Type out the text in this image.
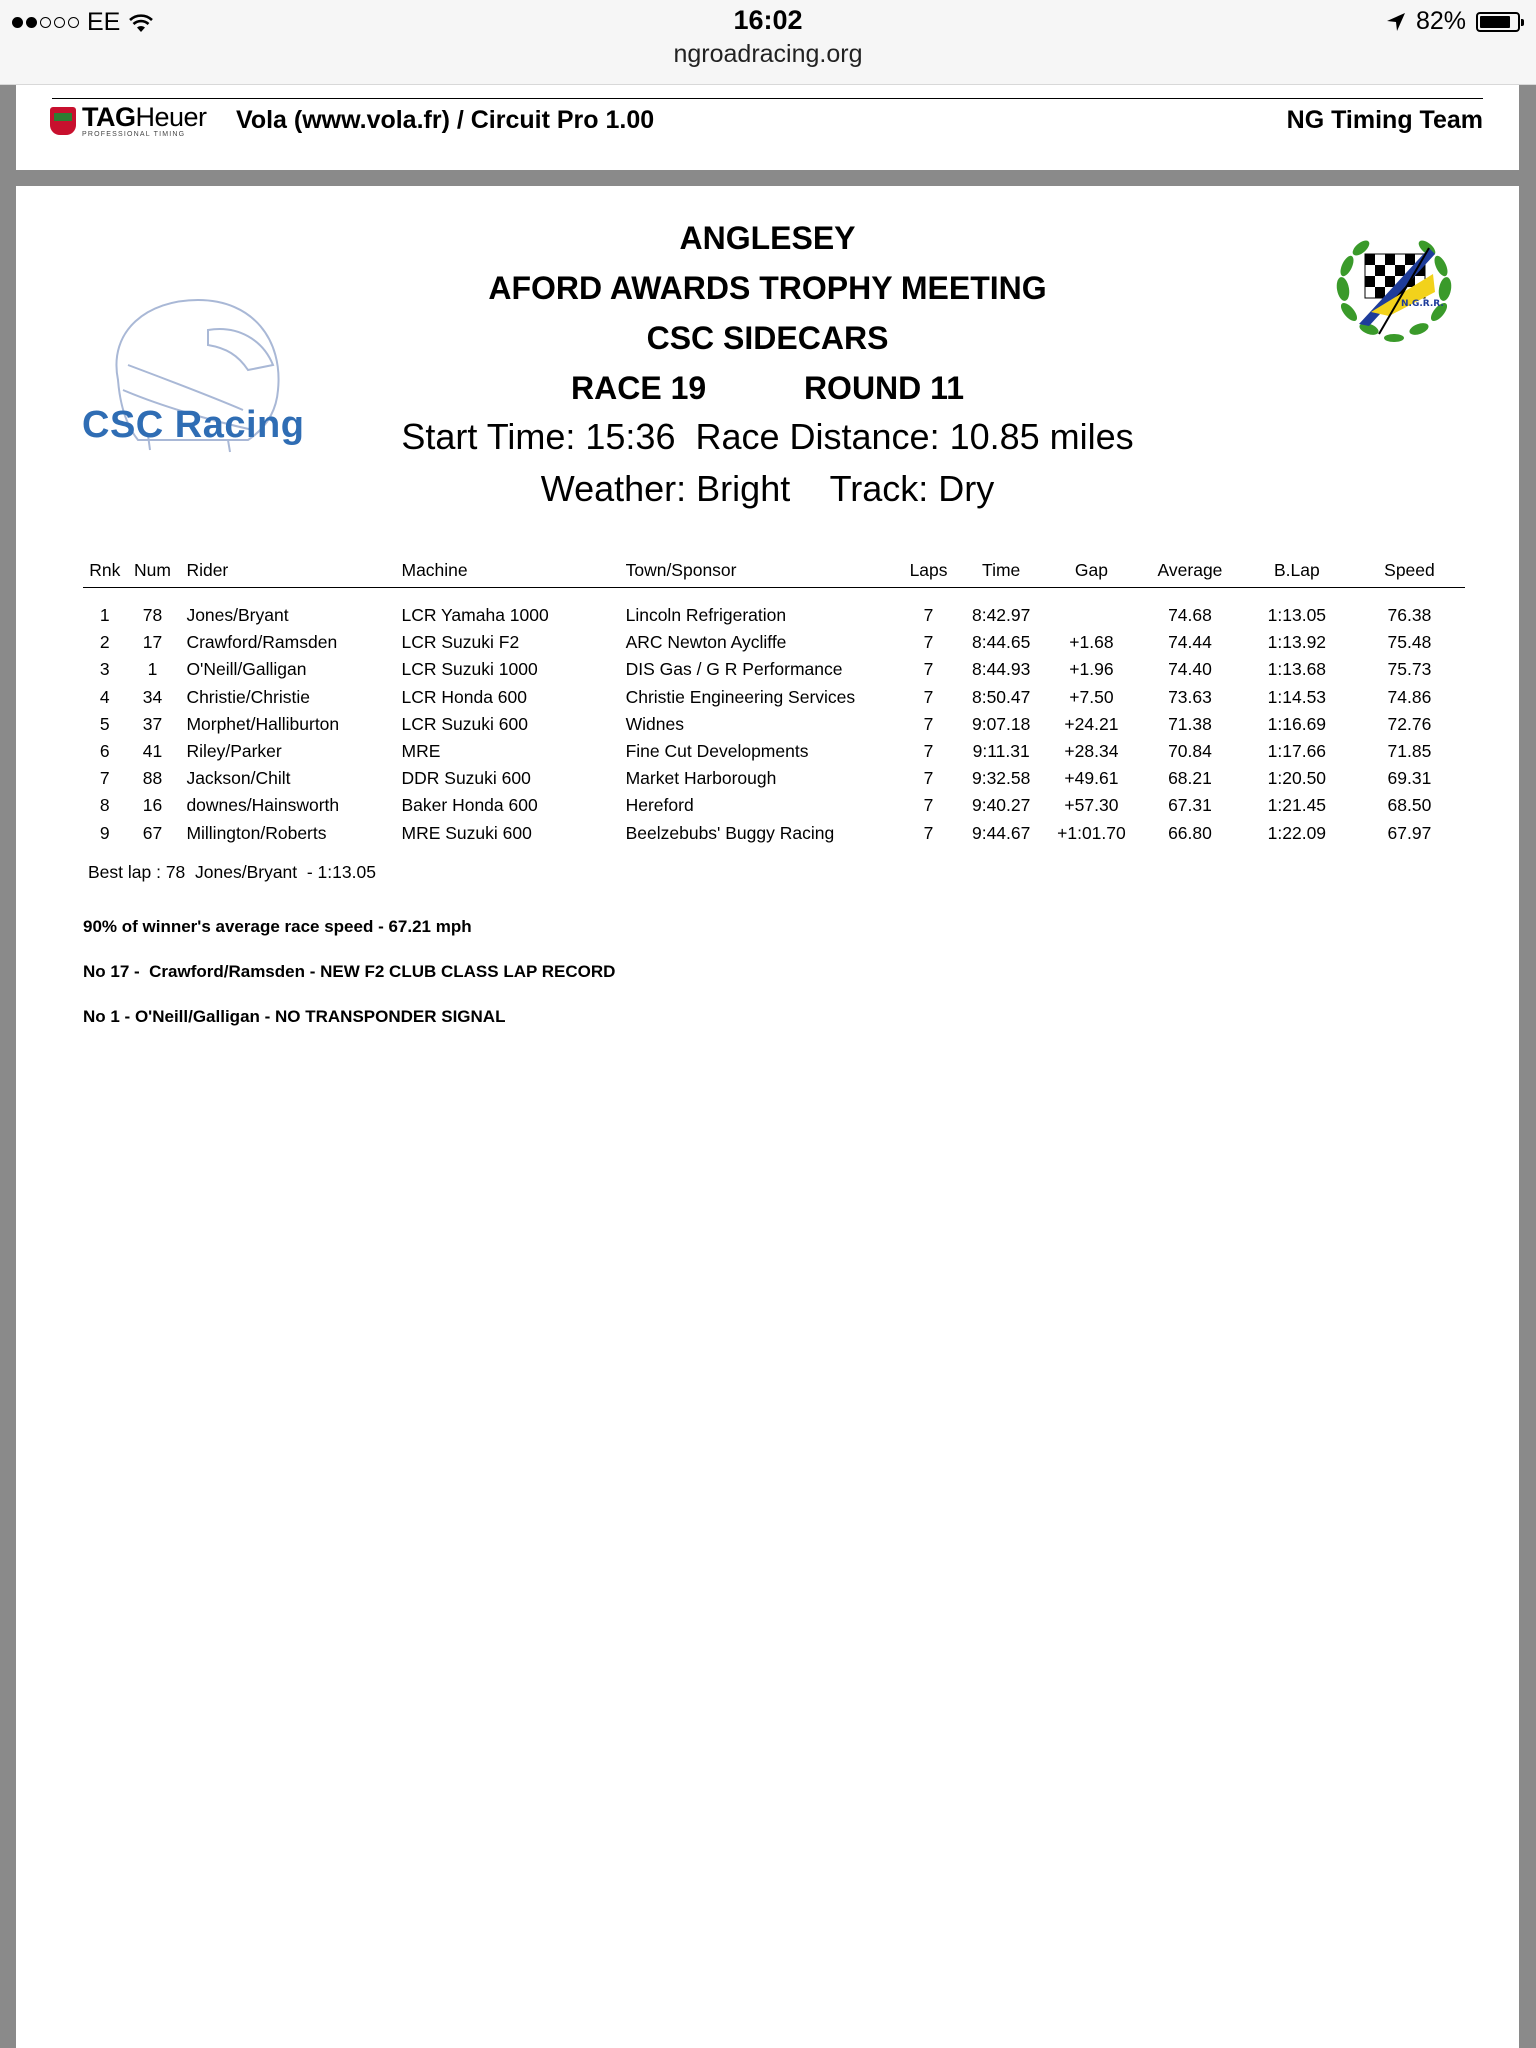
EE	16:02
ngroadracing.org
82%
TAGHeuer
PROFESSIONAL TIMING
Vola (www.vola.fr) / Circuit Pro 1.00	NG Timing Team
CSC Racing
N.G.R.R.
ANGLESEY
AFORD AWARDS TROPHY MEETING
CSC SIDECARS
RACE 19	ROUND 11
Start Time: 15:36  Race Distance: 10.85 miles
Weather: Bright    Track: Dry
Rnk	Num	Rider	Machine	Town/Sponsor	Laps	Time	Gap	Average	B.Lap	Speed

1	78	Jones/Bryant	LCR Yamaha 1000	Lincoln Refrigeration	7	8:42.97		74.68	1:13.05	76.38
2	17	Crawford/Ramsden	LCR Suzuki F2	ARC Newton Aycliffe	7	8:44.65	+1.68	74.44	1:13.92	75.48
3	1	O'Neill/Galligan	LCR Suzuki 1000	DIS Gas / G R Performance	7	8:44.93	+1.96	74.40	1:13.68	75.73
4	34	Christie/Christie	LCR Honda 600	Christie Engineering Services	7	8:50.47	+7.50	73.63	1:14.53	74.86
5	37	Morphet/Halliburton	LCR Suzuki 600	Widnes	7	9:07.18	+24.21	71.38	1:16.69	72.76
6	41	Riley/Parker	MRE	Fine Cut Developments	7	9:11.31	+28.34	70.84	1:17.66	71.85
7	88	Jackson/Chilt	DDR Suzuki 600	Market Harborough	7	9:32.58	+49.61	68.21	1:20.50	69.31
8	16	downes/Hainsworth	Baker Honda 600	Hereford	7	9:40.27	+57.30	67.31	1:21.45	68.50
9	67	Millington/Roberts	MRE Suzuki 600	Beelzebubs' Buggy Racing	7	9:44.67	+1:01.70	66.80	1:22.09	67.97
Best lap : 78  Jones/Bryant  - 1:13.05
90% of winner's average race speed - 67.21 mph
No 17 -  Crawford/Ramsden - NEW F2 CLUB CLASS LAP RECORD
No 1 - O'Neill/Galligan - NO TRANSPONDER SIGNAL
